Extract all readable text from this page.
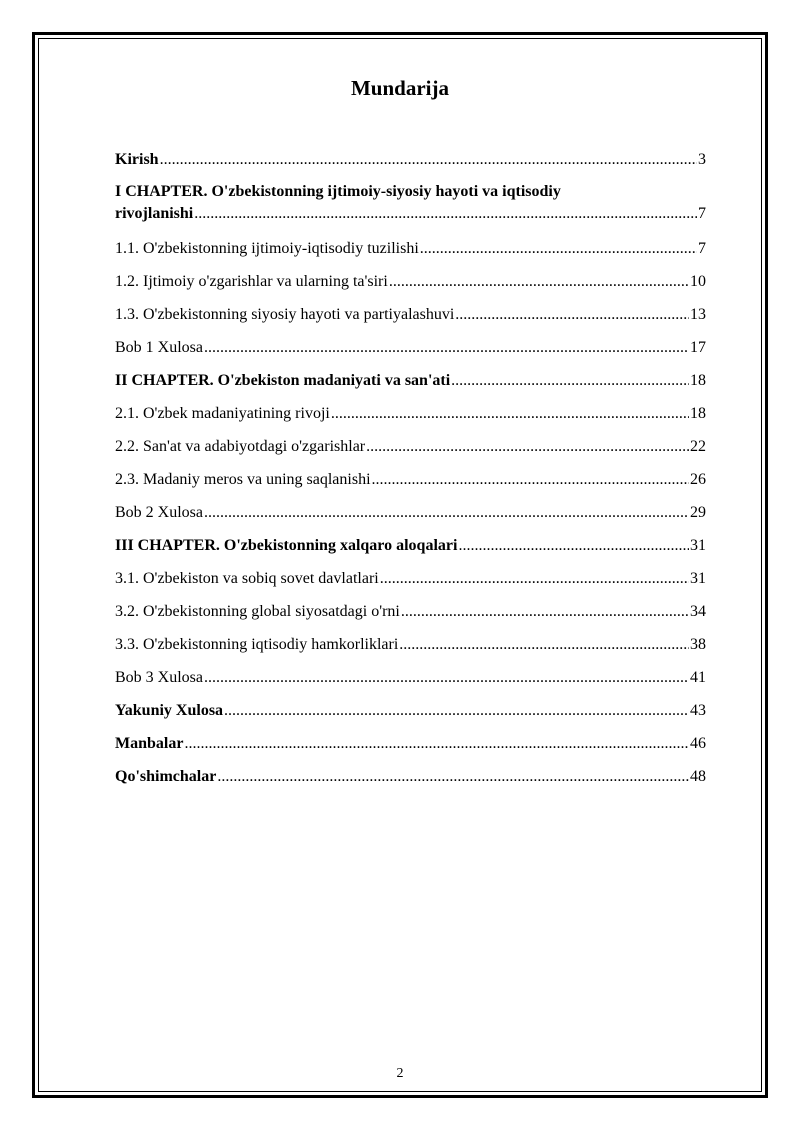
Mundarija
Kirish .....	3
I CHAPTER. O'zbekistonning ijtimoiy-siyosiy hayoti va iqtisodiy
rivojlanishi .....	7
1.1. O'zbekistonning ijtimoiy-iqtisodiy tuzilishi .....	7
1.2. Ijtimoiy o'zgarishlar va ularning ta'siri .....	10
1.3. O'zbekistonning siyosiy hayoti va partiyalashuvi .....	13
Bob 1 Xulosa .....	17
II CHAPTER. O'zbekiston madaniyati va san'ati .....	18
2.1. O'zbek madaniyatining rivoji .....	18
2.2. San'at va adabiyotdagi o'zgarishlar .....	22
2.3. Madaniy meros va uning saqlanishi .....	26
Bob 2 Xulosa .....	29
III CHAPTER. O'zbekistonning xalqaro aloqalari .....	31
3.1. O'zbekiston va sobiq sovet davlatlari .....	31
3.2. O'zbekistonning global siyosatdagi o'rni .....	34
3.3. O'zbekistonning iqtisodiy hamkorliklari .....	38
Bob 3 Xulosa .....	41
Yakuniy Xulosa .....	43
Manbalar .....	46
Qo'shimchalar .....	48
2
